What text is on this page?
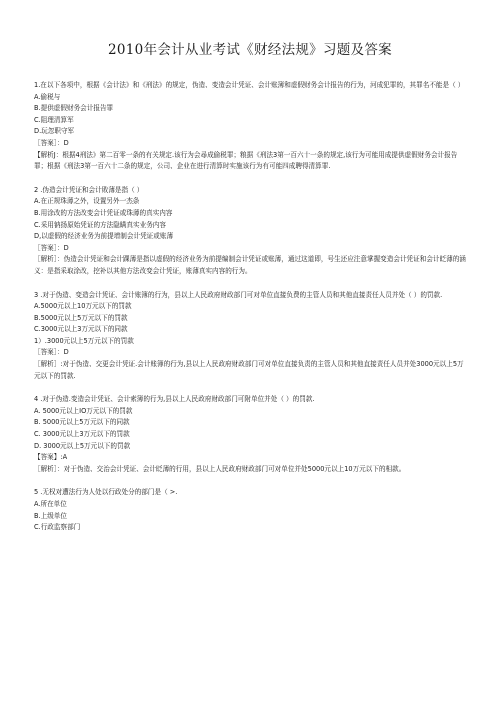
2010年会计从业考试《财经法规》习题及答案

1.在以下各项中，根据《会计法》和《刑法》的规定，伪造、变造会计凭证、会计账簿和虚假财务会计报告的行为，河成犯罪的，其罪名不能是（ ）

A.偷税与

B.提供虚假财务会计报告罪

C.阻理清算军

D.玩忽职守军

［答案］：D

【解析J：根据4刑法》第二百零一条的有关规定.该行为会尋成偷税罪；粮据《刑法3第一百六十一条的规定,该行为可能用成提供虚假财务会计报告罪；根据《刑法3第一百六十二条的规定，公司、企业在进行清算时实施该行为有可能四成聘得清算罪.

2 .伪造会计凭证和会计敗薄是指（ ）

A.在正规珠薄之外，设置另外一杰条

B.用涂改的方法改变会计凭证或珠薄的真实内容

C.采用钠扬原始凭证的方法隐瞒真实业务内容

D,以虚假的经济业务为前提增制会计凭证或账薄

［答案］：D

［解析］：伪造会计凭证和会计踝薄是指以虚假的经济业务为前提编制会计凭证或账薄，通过这道即，号生还应注意掌握变造会计凭证和会计眨薄的涵义：是指采取涂改，挖补以其他方法改变会计凭证，账薄真实内容的行为。

3 .对于伪造、变造会计凭证、会计账簿的行为，县以上人民政府财政部门可对单位直接负费的主管人员和其他直接责任人员并处（ ）的罚款.

A.5000元以上10万元以下的罚款

B.5000元以上5万元以下的罚款

C.3000元以上3万元以下的同款

1）.3000元以上5万元以下的罚款

［答案］：D

［解析］:对于伪造、交更会计凭证.会计账簿的行为,县以上人民政府财政部门可对单位直接负责的主管人员和其他直接责任人员并处3000元以上5万元以下的罚款.

4 .对于伪造.变造会计凭证、会计索簿的行为,县以上人民政府财政部门可附单位并处（ ）的罚款.

A. 5000元以上IO万元以下的罚款

B. 5000元以上5万元以下的同款

C. 3000元以上3万元以下的罚款

D. 3000元以上5万元以下的罚款

【答案】:A

［解析］：对于伪造、交治会计凭证、会计眨薄的行用，县以上人民政府财政部门可对单位并处5000元以上10万元以下的相款。

5 .无权对遭法行为人处以行政处分的部门是（ >.

A.所在单位

B.上级单位

C.行政监察部门
